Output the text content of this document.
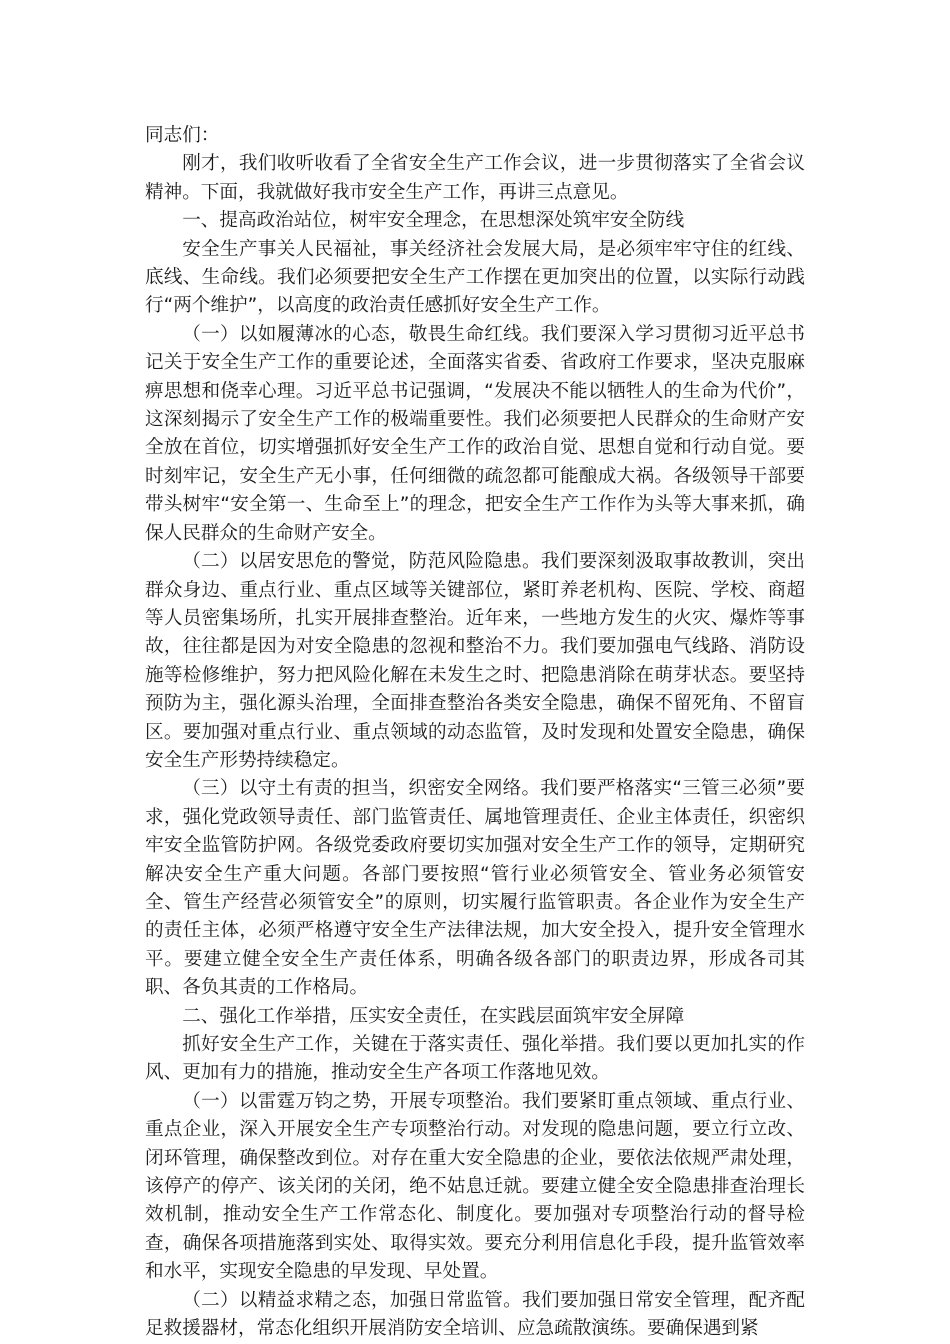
同志们：

刚才，我们收听收看了全省安全生产工作会议，进一步贯彻落实了全省会议精神。下面，我就做好我市安全生产工作，再讲三点意见。

一、提高政治站位，树牢安全理念，在思想深处筑牢安全防线

安全生产事关人民福祉，事关经济社会发展大局，是必须牢牢守住的红线、底线、生命线。我们必须要把安全生产工作摆在更加突出的位置，以实际行动践行“两个维护”，以高度的政治责任感抓好安全生产工作。

（一）以如履薄冰的心态，敬畏生命红线。我们要深入学习贯彻习近平总书记关于安全生产工作的重要论述，全面落实省委、省政府工作要求，坚决克服麻痹思想和侥幸心理。习近平总书记强调，“发展决不能以牺牲人的生命为代价”，这深刻揭示了安全生产工作的极端重要性。我们必须要把人民群众的生命财产安全放在首位，切实增强抓好安全生产工作的政治自觉、思想自觉和行动自觉。要时刻牢记，安全生产无小事，任何细微的疏忽都可能酿成大祸。各级领导干部要带头树牢“安全第一、生命至上”的理念，把安全生产工作作为头等大事来抓，确保人民群众的生命财产安全。

（二）以居安思危的警觉，防范风险隐患。我们要深刻汲取事故教训，突出群众身边、重点行业、重点区域等关键部位，紧盯养老机构、医院、学校、商超等人员密集场所，扎实开展排查整治。近年来，一些地方发生的火灾、爆炸等事故，往往都是因为对安全隐患的忽视和整治不力。我们要加强电气线路、消防设施等检修维护，努力把风险化解在未发生之时、把隐患消除在萌芽状态。要坚持预防为主，强化源头治理，全面排查整治各类安全隐患，确保不留死角、不留盲区。要加强对重点行业、重点领域的动态监管，及时发现和处置安全隐患，确保安全生产形势持续稳定。

（三）以守土有责的担当，织密安全网络。我们要严格落实“三管三必须”要求，强化党政领导责任、部门监管责任、属地管理责任、企业主体责任，织密织牢安全监管防护网。各级党委政府要切实加强对安全生产工作的领导，定期研究解决安全生产重大问题。各部门要按照“管行业必须管安全、管业务必须管安全、管生产经营必须管安全”的原则，切实履行监管职责。各企业作为安全生产的责任主体，必须严格遵守安全生产法律法规，加大安全投入，提升安全管理水平。要建立健全安全生产责任体系，明确各级各部门的职责边界，形成各司其职、各负其责的工作格局。

二、强化工作举措，压实安全责任，在实践层面筑牢安全屏障

抓好安全生产工作，关键在于落实责任、强化举措。我们要以更加扎实的作风、更加有力的措施，推动安全生产各项工作落地见效。

（一）以雷霆万钧之势，开展专项整治。我们要紧盯重点领域、重点行业、重点企业，深入开展安全生产专项整治行动。对发现的隐患问题，要立行立改、闭环管理，确保整改到位。对存在重大安全隐患的企业，要依法依规严肃处理，该停产的停产、该关闭的关闭，绝不姑息迁就。要建立健全安全隐患排查治理长效机制，推动安全生产工作常态化、制度化。要加强对专项整治行动的督导检查，确保各项措施落到实处、取得实效。要充分利用信息化手段，提升监管效率和水平，实现安全隐患的早发现、早处置。

（二）以精益求精之态，加强日常监管。我们要加强日常安全管理，配齐配足救援器材，常态化组织开展消防安全培训、应急疏散演练。要确保遇到紧
